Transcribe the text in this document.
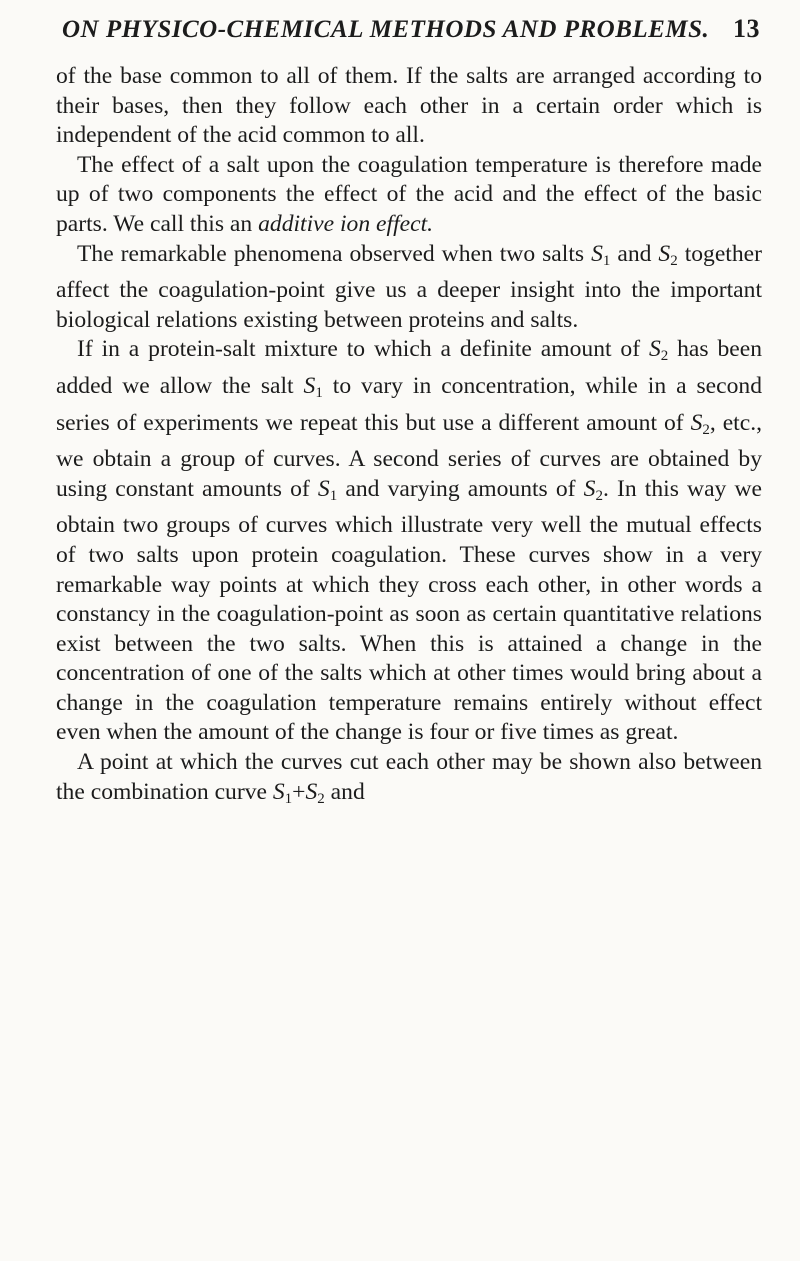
ON PHYSICO-CHEMICAL METHODS AND PROBLEMS. 13

of the base common to all of them. If the salts are arranged according to their bases, then they follow each other in a certain order which is independent of the acid common to all.

The effect of a salt upon the coagulation temperature is therefore made up of two components the effect of the acid and the effect of the basic parts. We call this an additive ion effect.

The remarkable phenomena observed when two salts $S_1$ and $S_2$ together affect the coagulation-point give us a deeper insight into the important biological relations existing between proteins and salts.

If in a protein-salt mixture to which a definite amount of $S_2$ has been added we allow the salt $S_1$ to vary in concentration, while in a second series of experiments we repeat this but use a different amount of $S_2$, etc., we obtain a group of curves. A second series of curves are obtained by using constant amounts of $S_1$ and varying amounts of $S_2$. In this way we obtain two groups of curves which illustrate very well the mutual effects of two salts upon protein coagulation. These curves show in a very remarkable way points at which they cross each other, in other words a constancy in the coagulation-point as soon as certain quantitative relations exist between the two salts. When this is attained a change in the concentration of one of the salts which at other times would bring about a change in the coagulation temperature remains entirely without effect even when the amount of the change is four or five times as great.

A point at which the curves cut each other may be shown also between the combination curve $S_1+S_2$ and
